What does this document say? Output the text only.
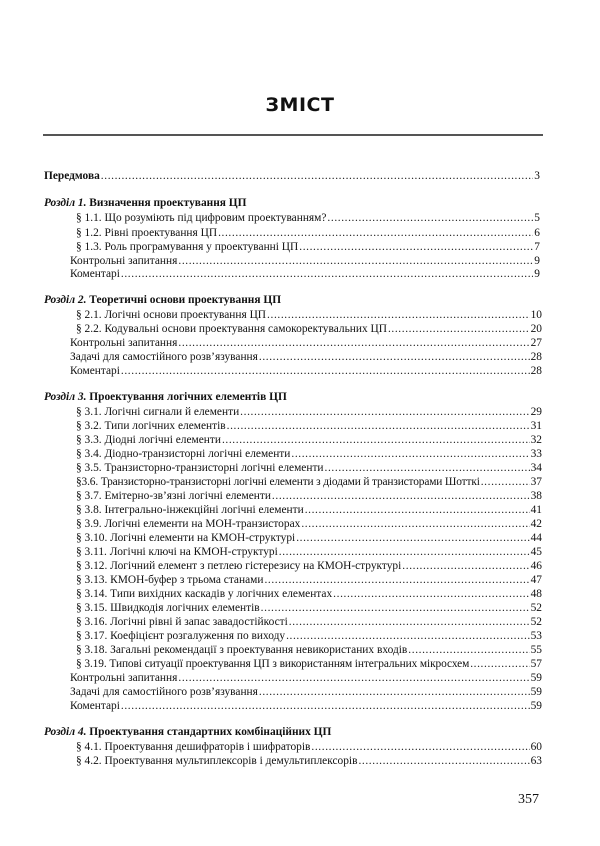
ЗМІСТ
Передмова .....	3
Розділ 1. Визначення проектування ЦП
§ 1.1. Що розуміють під цифровим проектуванням? .....	5
§ 1.2. Рівні проектування ЦП .....	6
§ 1.3. Роль програмування у проектуванні ЦП .....	7
Контрольні запитання .....	9
Коментарі .....	9
Розділ 2. Теоретичні основи проектування ЦП
§ 2.1. Логічні основи проектування ЦП .....	10
§ 2.2. Кодувальні основи проектування самокоректувальних ЦП .....	20
Контрольні запитання .....	27
Задачі для самостійного розв’язування .....	28
Коментарі .....	28
Розділ 3. Проектування логічних елементів ЦП
§ 3.1. Логічні сигнали й елементи .....	29
§ 3.2. Типи логічних елементів .....	31
§ 3.3. Діодні логічні елементи .....	32
§ 3.4. Діодно-транзисторні логічні елементи .....	33
§ 3.5. Транзисторно-транзисторні логічні елементи .....	34
§3.6. Транзисторно-транзисторні логічні елементи з діодами й транзисторами Шотткі .....	37
§ 3.7. Емітерно-зв’язні логічні елементи .....	38
§ 3.8. Інтегрально-інжекційні логічні елементи .....	41
§ 3.9. Логічні елементи на МОН-транзисторах .....	42
§ 3.10. Логічні елементи на КМОН-структурі .....	44
§ 3.11. Логічні ключі на КМОН-структурі .....	45
§ 3.12. Логічний елемент з петлею гістерезису на КМОН-структурі .....	46
§ 3.13. КМОН-буфер з трьома станами .....	47
§ 3.14. Типи вихідних каскадів у логічних елементах .....	48
§ 3.15. Швидкодія логічних елементів .....	52
§ 3.16. Логічні рівні й запас завадостійкості .....	52
§ 3.17. Коефіцієнт розгалуження по виходу .....	53
§ 3.18. Загальні рекомендації з проектування невикористаних входів .....	55
§ 3.19. Типові ситуації проектування ЦП з використанням інтегральних мікросхем .....	57
Контрольні запитання .....	59
Задачі для самостійного розв’язування .....	59
Коментарі .....	59
Розділ 4. Проектування стандартних комбінаційних ЦП
§ 4.1. Проектування дешифраторів і шифраторів .....	60
§ 4.2. Проектування мультиплексорів і демультиплексорів .....	63
357
